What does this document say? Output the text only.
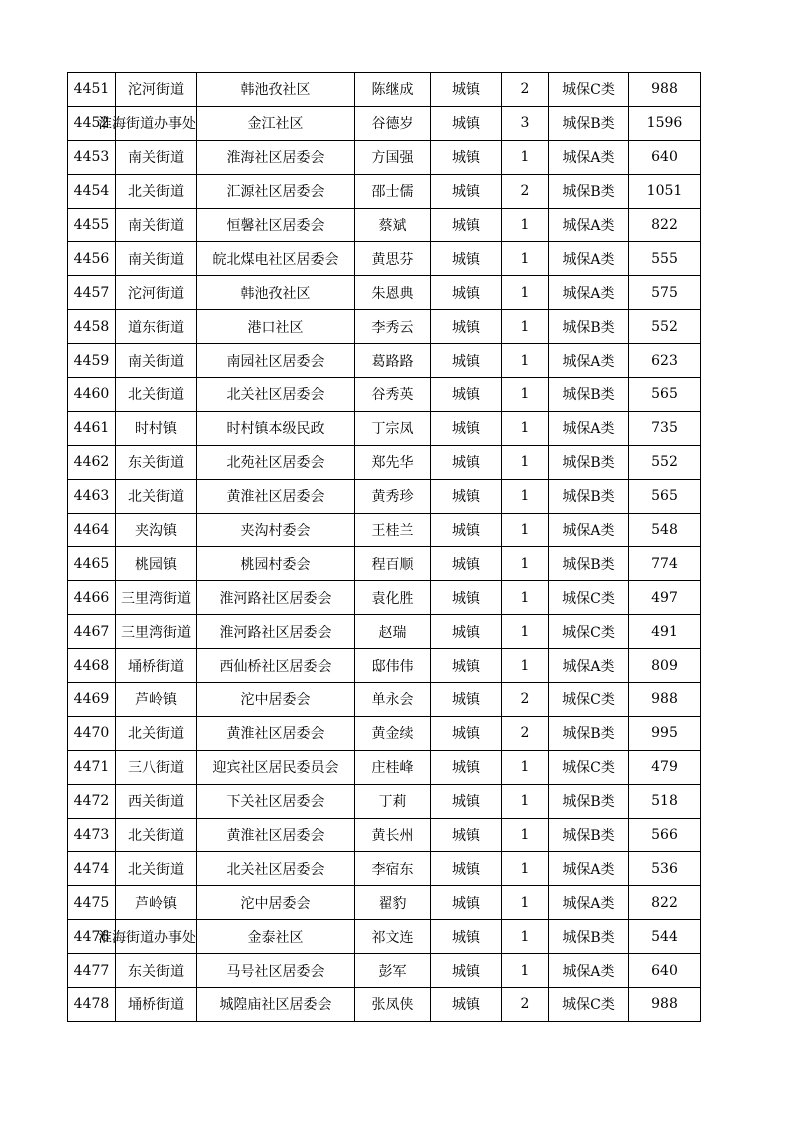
4451	沱河街道	韩池孜社区	陈继成	城镇	2	城保C类	988
4452	淮海街道办事处	金江社区	谷德岁	城镇	3	城保B类	1596
4453	南关街道	淮海社区居委会	方国强	城镇	1	城保A类	640
4454	北关街道	汇源社区居委会	邵士儒	城镇	2	城保B类	1051
4455	南关街道	恒馨社区居委会	蔡斌	城镇	1	城保A类	822
4456	南关街道	皖北煤电社区居委会	黄思芬	城镇	1	城保A类	555
4457	沱河街道	韩池孜社区	朱恩典	城镇	1	城保A类	575
4458	道东街道	港口社区	李秀云	城镇	1	城保B类	552
4459	南关街道	南园社区居委会	葛路路	城镇	1	城保A类	623
4460	北关街道	北关社区居委会	谷秀英	城镇	1	城保B类	565
4461	时村镇	时村镇本级民政	丁宗凤	城镇	1	城保A类	735
4462	东关街道	北苑社区居委会	郑先华	城镇	1	城保B类	552
4463	北关街道	黄淮社区居委会	黄秀珍	城镇	1	城保B类	565
4464	夹沟镇	夹沟村委会	王桂兰	城镇	1	城保A类	548
4465	桃园镇	桃园村委会	程百顺	城镇	1	城保B类	774
4466	三里湾街道	淮河路社区居委会	袁化胜	城镇	1	城保C类	497
4467	三里湾街道	淮河路社区居委会	赵瑞	城镇	1	城保C类	491
4468	埇桥街道	西仙桥社区居委会	邸伟伟	城镇	1	城保A类	809
4469	芦岭镇	沱中居委会	单永会	城镇	2	城保C类	988
4470	北关街道	黄淮社区居委会	黄金续	城镇	2	城保B类	995
4471	三八街道	迎宾社区居民委员会	庄桂峰	城镇	1	城保C类	479
4472	西关街道	下关社区居委会	丁莉	城镇	1	城保B类	518
4473	北关街道	黄淮社区居委会	黄长州	城镇	1	城保B类	566
4474	北关街道	北关社区居委会	李宿东	城镇	1	城保A类	536
4475	芦岭镇	沱中居委会	翟豹	城镇	1	城保A类	822
4476	淮海街道办事处	金泰社区	祁文连	城镇	1	城保B类	544
4477	东关街道	马号社区居委会	彭军	城镇	1	城保A类	640
4478	埇桥街道	城隍庙社区居委会	张凤侠	城镇	2	城保C类	988
